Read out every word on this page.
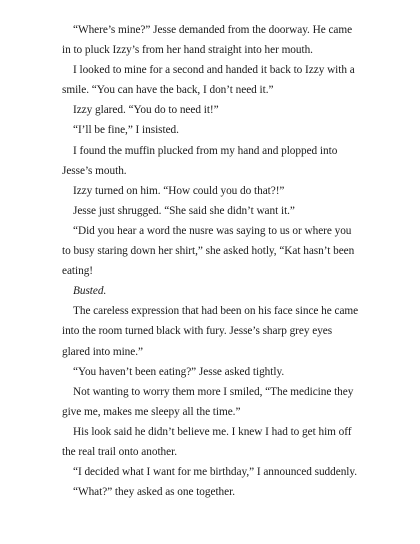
“Where’s mine?” Jesse demanded from the doorway. He came in to pluck Izzy’s from her hand straight into her mouth.

I looked to mine for a second and handed it back to Izzy with a smile. “You can have the back, I don’t need it.”

Izzy glared. “You do to need it!”

“I’ll be fine,” I insisted.

I found the muffin plucked from my hand and plopped into Jesse’s mouth.

Izzy turned on him. “How could you do that?!”

Jesse just shrugged. “She said she didn’t want it.”

“Did you hear a word the nusre was saying to us or where you to busy staring down her shirt,” she asked hotly, “Kat hasn’t been eating!

Busted.

The careless expression that had been on his face since he came into the room turned black with fury. Jesse’s sharp grey eyes glared into mine.”

“You haven’t been eating?” Jesse asked tightly.

Not wanting to worry them more I smiled, “The medicine they give me, makes me sleepy all the time.”

His look said he didn’t believe me. I knew I had to get him off the real trail onto another.

“I decided what I want for me birthday,” I announced suddenly.

“What?” they asked as one together.
